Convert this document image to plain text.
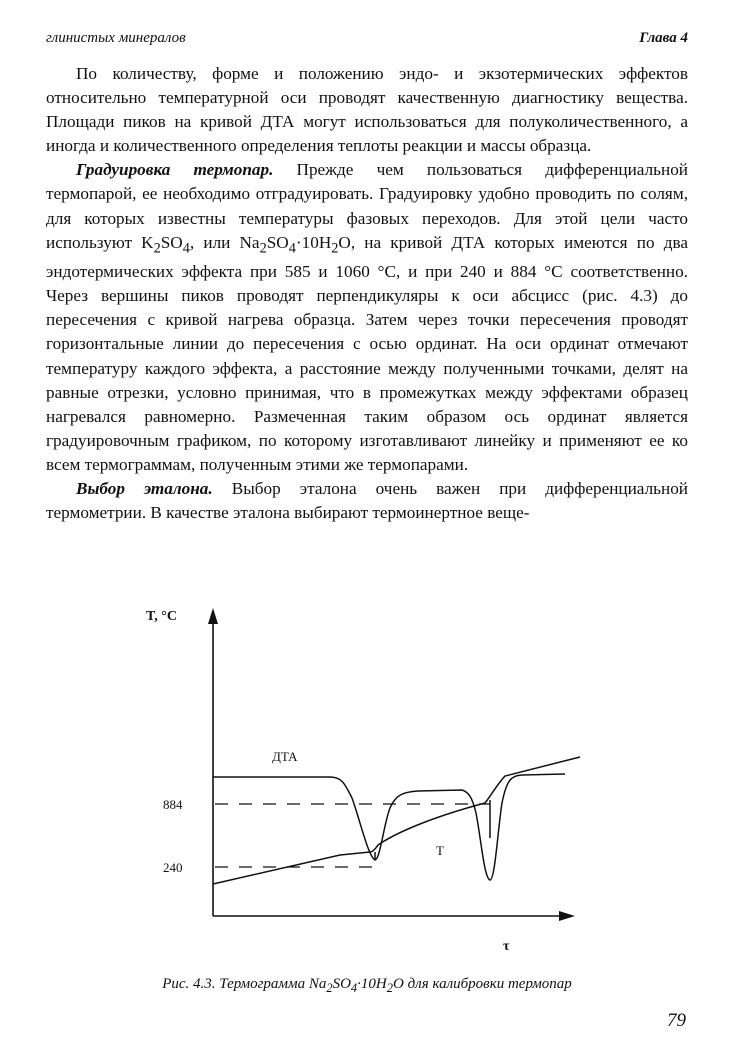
глинистых минералов	Глава 4

По количеству, форме и положению эндо- и экзотермических эффектов относительно температурной оси проводят качественную диагностику вещества. Площади пиков на кривой ДТА могут использоваться для полуколичественного, а иногда и количественного определения теплоты реакции и массы образца.

Градуировка термопар. Прежде чем пользоваться дифференциальной термопарой, ее необходимо отградуировать. Градуировку удобно проводить по солям, для которых известны температуры фазовых переходов. Для этой цели часто используют $K_2SO_4$, или $Na_2SO_4\cdot 10H_2O$, на кривой ДТА которых имеются по два эндотермических эффекта при 585 и 1060 °С, и при 240 и 884 °С соответственно. Через вершины пиков проводят перпендикуляры к оси абсцисс (рис. 4.3) до пересечения с кривой нагрева образца. Затем через точки пересечения проводят горизонтальные линии до пересечения с осью ординат. На оси ординат отмечают температуру каждого эффекта, а расстояние между полученными точками, делят на равные отрезки, условно принимая, что в промежутках между эффектами образец нагревался равномерно. Размеченная таким образом ось ординат является градуировочным графиком, по которому изготавливают линейку и применяют ее ко всем термограммам, полученным этими же термопарами.

Выбор эталона. Выбор эталона очень важен при дифференциальной термометрии. В качестве эталона выбирают термоинертное веще-

T, °C
τ
884
240
ДТА
T
Рис. 4.3. Термограмма $Na_2SO_4\cdot 10H_2O$ для калибровки термопар
79
